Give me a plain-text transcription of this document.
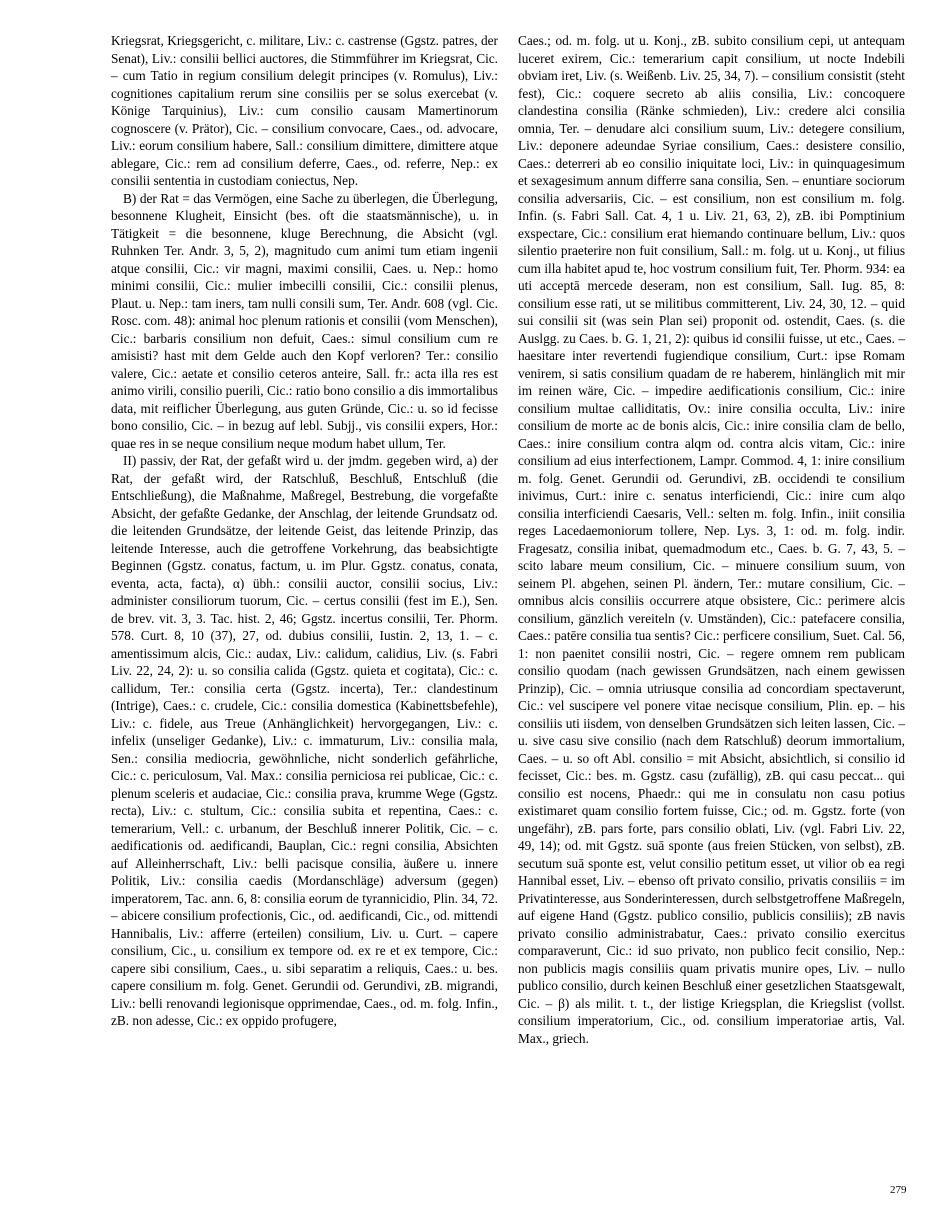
Kriegsrat, Kriegsgericht, c. militare, Liv.: c. castrense (Ggstz. patres, der Senat), Liv.: consilii bellici auctores, die Stimmführer im Kriegsrat, Cic. – cum Tatio in regium consilium delegit principes (v. Romulus), Liv.: cognitiones capitalium rerum sine consiliis per se solus exercebat (v. Könige Tarquinius), Liv.: cum consilio causam Mamertinorum cognoscere (v. Prätor), Cic. – consilium convocare, Caes., od. advocare, Liv.: eorum consilium habere, Sall.: consilium dimittere, dimittere atque ablegare, Cic.: rem ad consilium deferre, Caes., od. referre, Nep.: ex consilii sententia in custodiam coniectus, Nep.

B) der Rat = das Vermögen, eine Sache zu überlegen, die Überlegung, besonnene Klugheit, Einsicht (bes. oft die staatsmännische), u. in Tätigkeit = die besonnene, kluge Berechnung, die Absicht (vgl. Ruhnken Ter. Andr. 3, 5, 2), magnitudo cum animi tum etiam ingenii atque consilii, Cic.: vir magni, maximi consilii, Caes. u. Nep.: homo minimi consilii, Cic.: mulier imbecilli consilii, Cic.: consilii plenus, Plaut. u. Nep.: tam iners, tam nulli consili sum, Ter. Andr. 608 (vgl. Cic. Rosc. com. 48): animal hoc plenum rationis et consilii (vom Menschen), Cic.: barbaris consilium non defuit, Caes.: simul consilium cum re amisisti? hast mit dem Gelde auch den Kopf verloren? Ter.: consilio valere, Cic.: aetate et consilio ceteros anteire, Sall. fr.: acta illa res est animo virili, consilio puerili, Cic.: ratio bono consilio a dis immortalibus data, mit reiflicher Überlegung, aus guten Gründe, Cic.: u. so id fecisse bono consilio, Cic. – in bezug auf lebl. Subjj., vis consilii expers, Hor.: quae res in se neque consilium neque modum habet ullum, Ter.

II) passiv, der Rat, der gefaßt wird u. der jmdm. gegeben wird, a) der Rat, der gefaßt wird, der Ratschluß, Beschluß, Entschluß (die Entschließung), die Maßnahme, Maßregel, Bestrebung, die vorgefaßte Absicht, der gefaßte Gedanke, der Anschlag, der leitende Grundsatz od. die leitenden Grundsätze, der leitende Geist, das leitende Prinzip, das leitende Interesse, auch die getroffene Vorkehrung, das beabsichtigte Beginnen (Ggstz. conatus, factum, u. im Plur. Ggstz. conatus, conata, eventa, acta, facta), α) übh.: consilii auctor, consilii socius, Liv.: administer consiliorum tuorum, Cic. – certus consilii (fest im E.), Sen. de brev. vit. 3, 3. Tac. hist. 2, 46; Ggstz. incertus consilii, Ter. Phorm. 578. Curt. 8, 10 (37), 27, od. dubius consilii, Iustin. 2, 13, 1. – c. amentissimum alcis, Cic.: audax, Liv.: calidum, calidius, Liv. (s. Fabri Liv. 22, 24, 2): u. so consilia calida (Ggstz. quieta et cogitata), Cic.: c. callidum, Ter.: consilia certa (Ggstz. incerta), Ter.: clandestinum (Intrige), Caes.: c. crudele, Cic.: consilia domestica (Kabinettsbefehle), Liv.: c. fidele, aus Treue (Anhänglichkeit) hervorgegangen, Liv.: c. infelix (unseliger Gedanke), Liv.: c. immaturum, Liv.: consilia mala, Sen.: consilia mediocria, gewöhnliche, nicht sonderlich gefährliche, Cic.: c. periculosum, Val. Max.: consilia perniciosa rei publicae, Cic.: c. plenum sceleris et audaciae, Cic.: consilia prava, krumme Wege (Ggstz. recta), Liv.: c. stultum, Cic.: consilia subita et repentina, Caes.: c. temerarium, Vell.: c. urbanum, der Beschluß innerer Politik, Cic. – c. aedificationis od. aedificandi, Bauplan, Cic.: regni consilia, Absichten auf Alleinherrschaft, Liv.: belli pacisque consilia, äußere u. innere Politik, Liv.: consilia caedis (Mordanschläge) adversum (gegen) imperatorem, Tac. ann. 6, 8: consilia eorum de tyrannicidio, Plin. 34, 72. – abicere consilium profectionis, Cic., od. aedificandi, Cic., od. mittendi Hannibalis, Liv.: afferre (erteilen) consilium, Liv. u. Curt. – capere consilium, Cic., u. consilium ex tempore od. ex re et ex tempore, Cic.: capere sibi consilium, Caes., u. sibi separatim a reliquis, Caes.: u. bes. capere consilium m. folg. Genet. Gerundii od. Gerundivi, zB. migrandi, Liv.: belli renovandi legionisque opprimendae, Caes., od. m. folg. Infin., zB. non adesse, Cic.: ex oppido profugere,

Caes.; od. m. folg. ut u. Konj., zB. subito consilium cepi, ut antequam luceret exirem, Cic.: temerarium capit consilium, ut nocte Indebili obviam iret, Liv. (s. Weißenb. Liv. 25, 34, 7). – consilium consistit (steht fest), Cic.: coquere secreto ab aliis consilia, Liv.: concoquere clandestina consilia (Ränke schmieden), Liv.: credere alci consilia omnia, Ter. – denudare alci consilium suum, Liv.: detegere consilium, Liv.: deponere adeundae Syriae consilium, Caes.: desistere consilio, Caes.: deterreri ab eo consilio iniquitate loci, Liv.: in quinquagesimum et sexagesimum annum differre sana consilia, Sen. – enuntiare sociorum consilia adversariis, Cic. – est consilium, non est consilium m. folg. Infin. (s. Fabri Sall. Cat. 4, 1 u. Liv. 21, 63, 2), zB. ibi Pomptinium exspectare, Cic.: consilium erat hiemando continuare bellum, Liv.: quos silentio praeterire non fuit consilium, Sall.: m. folg. ut u. Konj., ut filius cum illa habitet apud te, hoc vostrum consilium fuit, Ter. Phorm. 934: ea uti acceptā mercede deseram, non est consilium, Sall. Iug. 85, 8: consilium esse rati, ut se militibus committerent, Liv. 24, 30, 12. – quid sui consilii sit (was sein Plan sei) proponit od. ostendit, Caes. (s. die Auslgg. zu Caes. b. G. 1, 21, 2): quibus id consilii fuisse, ut etc., Caes. – haesitare inter revertendi fugiendique consilium, Curt.: ipse Romam venirem, si satis consilium quadam de re haberem, hinlänglich mit mir im reinen wäre, Cic. – impedire aedificationis consilium, Cic.: inire consilium multae calliditatis, Ov.: inire consilia occulta, Liv.: inire consilium de morte ac de bonis alcis, Cic.: inire consilia clam de bello, Caes.: inire consilium contra alqm od. contra alcis vitam, Cic.: inire consilium ad eius interfectionem, Lampr. Commod. 4, 1: inire consilium m. folg. Genet. Gerundii od. Gerundivi, zB. occidendi te consilium inivimus, Curt.: inire c. senatus interficiendi, Cic.: inire cum alqo consilia interficiendi Caesaris, Vell.: selten m. folg. Infin., iniit consilia reges Lacedaemoniorum tollere, Nep. Lys. 3, 1: od. m. folg. indir. Fragesatz, consilia inibat, quemadmodum etc., Caes. b. G. 7, 43, 5. – scito labare meum consilium, Cic. – minuere consilium suum, von seinem Pl. abgehen, seinen Pl. ändern, Ter.: mutare consilium, Cic. – omnibus alcis consiliis occurrere atque obsistere, Cic.: perimere alcis consilium, gänzlich vereiteln (v. Umständen), Cic.: patefacere consilia, Caes.: patēre consilia tua sentis? Cic.: perficere consilium, Suet. Cal. 56, 1: non paenitet consilii nostri, Cic. – regere omnem rem publicam consilio quodam (nach gewissen Grundsätzen, nach einem gewissen Prinzip), Cic. – omnia utriusque consilia ad concordiam spectaverunt, Cic.: vel suscipere vel ponere vitae necisque consilium, Plin. ep. – his consiliis uti iisdem, von denselben Grundsätzen sich leiten lassen, Cic. – u. sive casu sive consilio (nach dem Ratschluß) deorum immortalium, Caes. – u. so oft Abl. consilio = mit Absicht, absichtlich, si consilio id fecisset, Cic.: bes. m. Ggstz. casu (zufällig), zB. qui casu peccat... qui consilio est nocens, Phaedr.: qui me in consulatu non casu potius existimaret quam consilio fortem fuisse, Cic.; od. m. Ggstz. forte (von ungefähr), zB. pars forte, pars consilio oblati, Liv. (vgl. Fabri Liv. 22, 49, 14); od. mit Ggstz. suā sponte (aus freien Stücken, von selbst), zB. secutum suā sponte est, velut consilio petitum esset, ut vilior ob ea regi Hannibal esset, Liv. – ebenso oft privato consilio, privatis consiliis = im Privatinteresse, aus Sonderinteressen, durch selbstgetroffene Maßregeln, auf eigene Hand (Ggstz. publico consilio, publicis consiliis); zB navis privato consilio administrabatur, Caes.: privato consilio exercitus comparaverunt, Cic.: id suo privato, non publico fecit consilio, Nep.: non publicis magis consiliis quam privatis munire opes, Liv. – nullo publico consilio, durch keinen Beschluß einer gesetzlichen Staatsgewalt, Cic. – β) als milit. t. t., der listige Kriegsplan, die Kriegslist (vollst. consilium imperatorium, Cic., od. consilium imperatoriae artis, Val. Max., griech.

279
